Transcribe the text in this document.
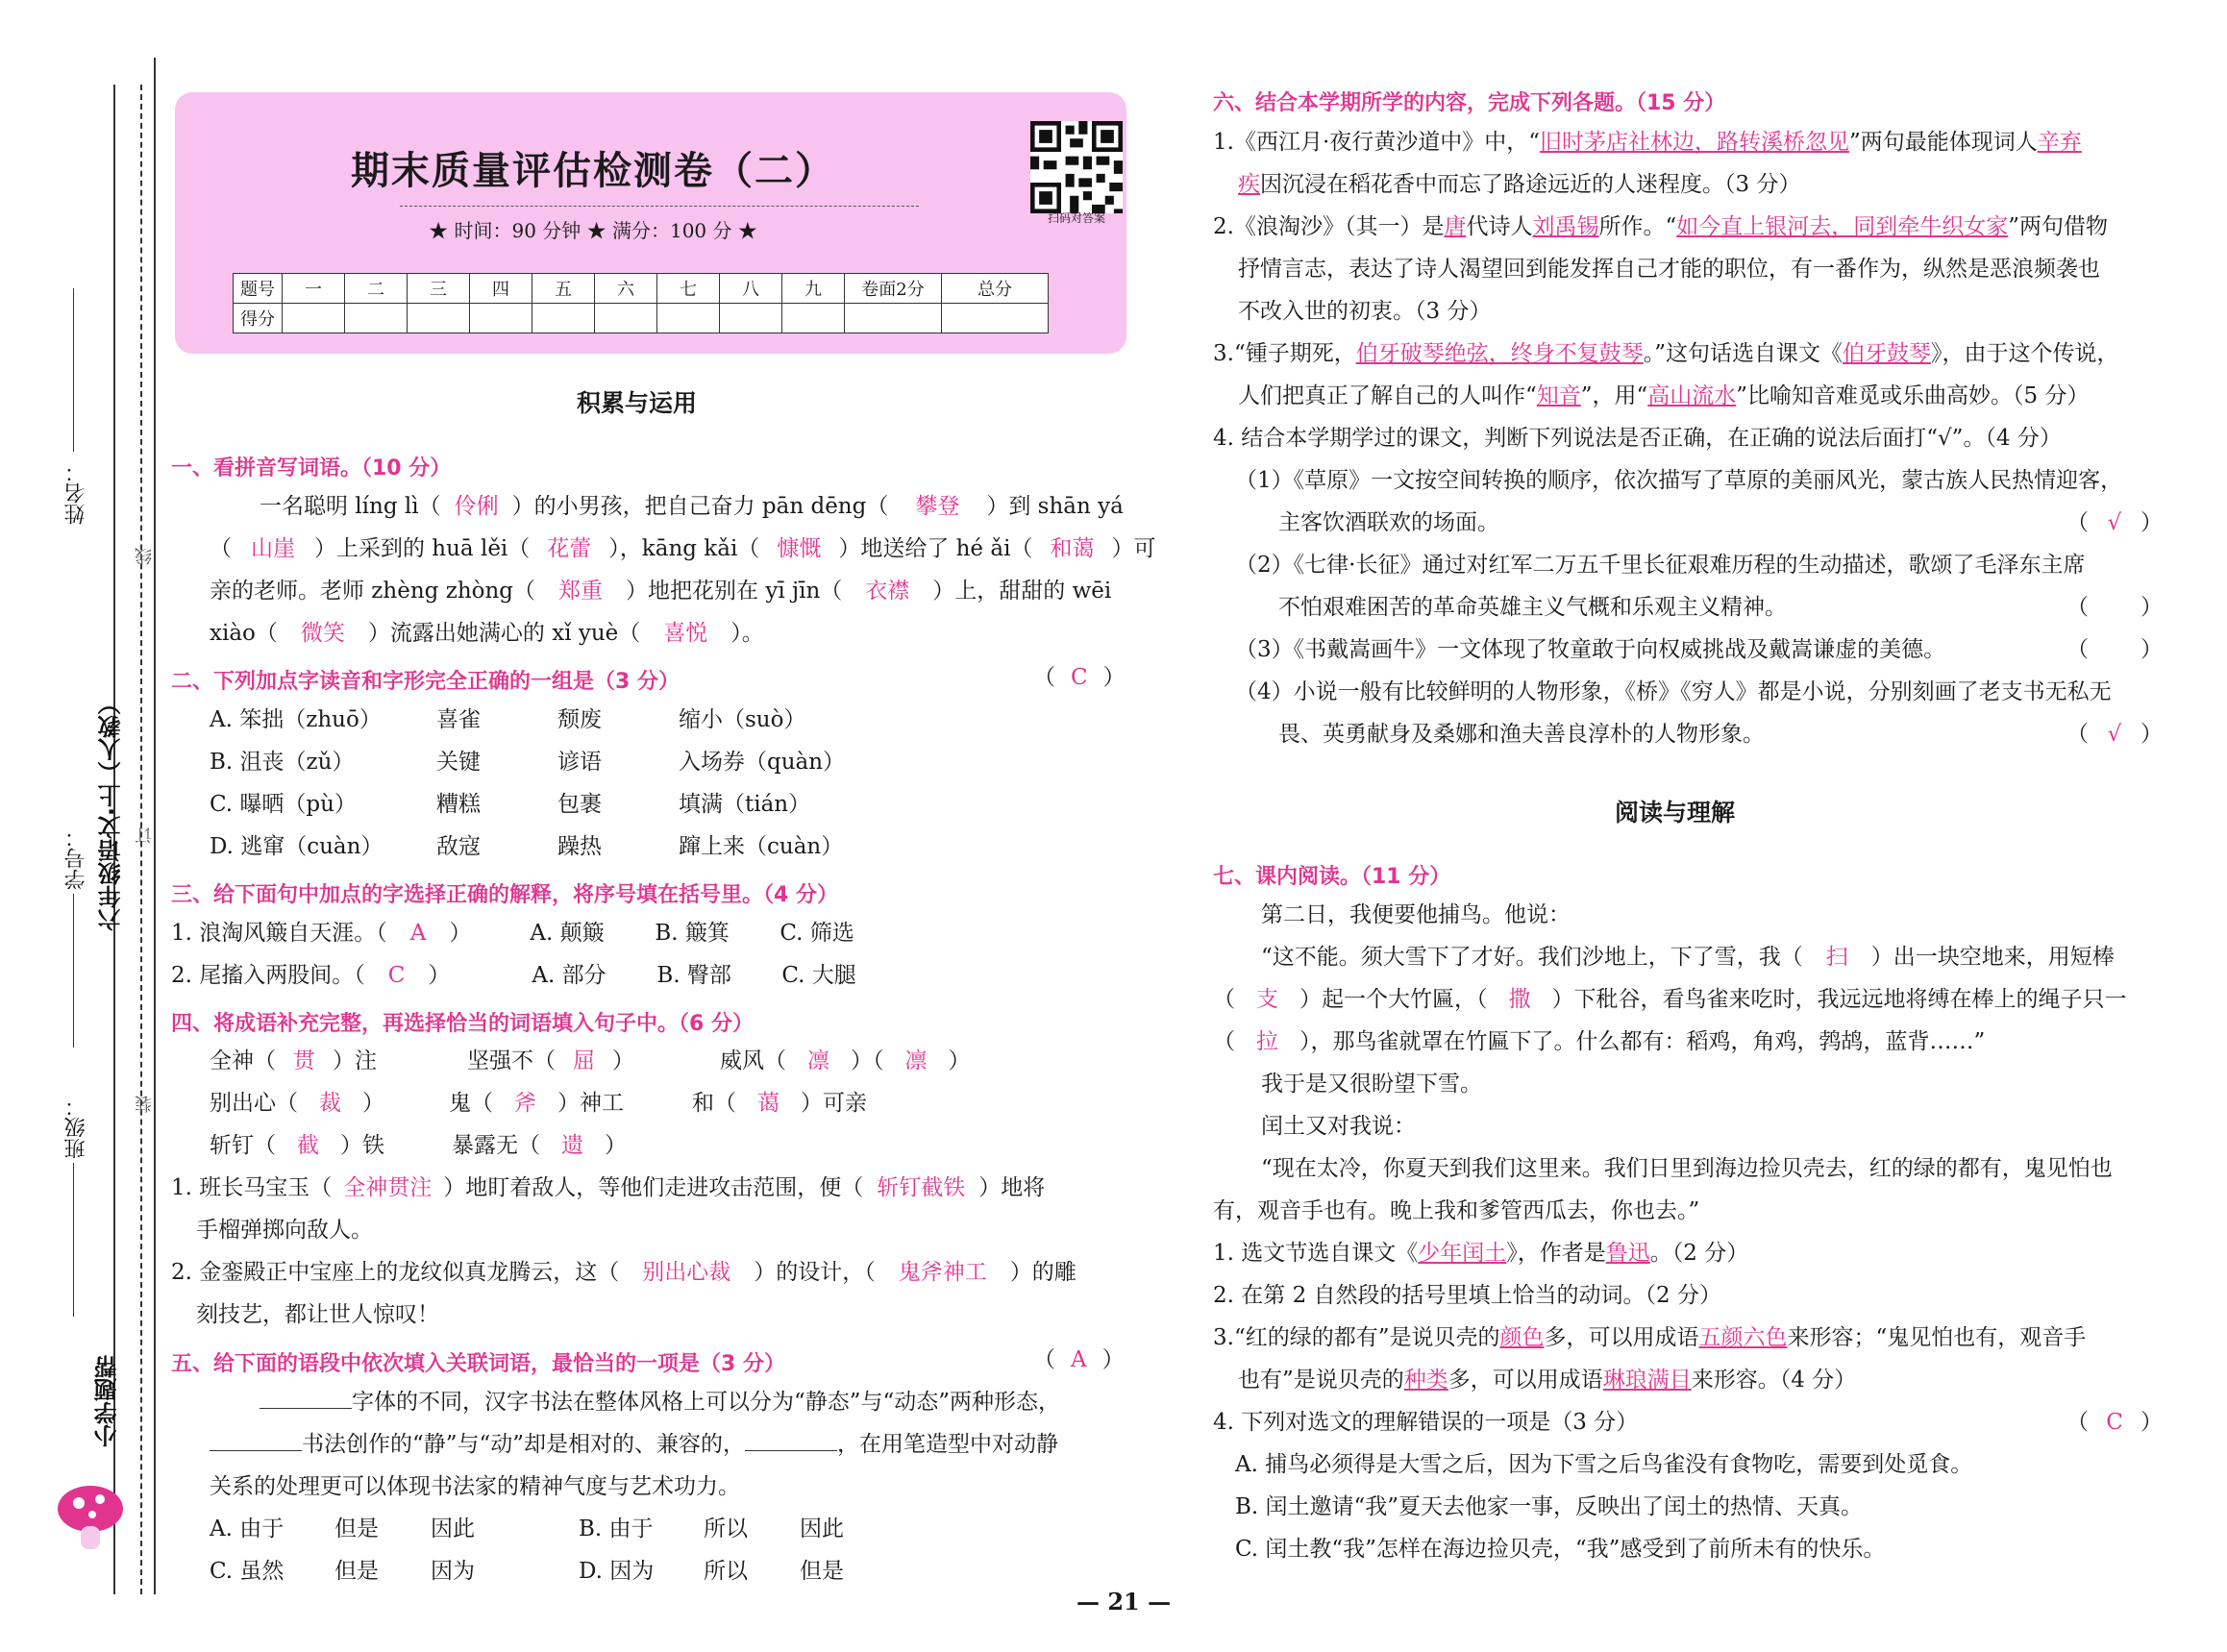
姓名：
六年级语文·上（人教）
学号：
班级：
小学题帮
线
订
装
期末质量评估检测卷（二）
★ 时间：90 分钟 ★ 满分：100 分 ★
扫码对答案
题号	一	二	三	四	五	六	七	八	九	卷面2分	总分
得分											
积累与运用
一、看拼音写词语。（10 分）
一名聪明 líng lì（ 伶俐 ）的小男孩，把自己奋力 pān dēng（ 攀登 ）到 shān yá
（ 山崖 ）上采到的 huā lěi（ 花蕾 ），kāng kǎi（ 慷慨 ）地送给了 hé ǎi（ 和蔼 ）可
亲的老师。老师 zhèng zhòng（ 郑重 ）地把花别在 yī jīn（ 衣襟 ）上，甜甜的 wēi
xiào（ 微笑 ）流露出她满心的 xǐ yuè（ 喜悦 ）。
二、下列加点字读音和字形完全正确的一组是（3 分）	（ C ）
A. 笨拙（zhuō） 喜雀	颓废	缩小（suò）
B. 沮丧（zǔ）	关键	谚语	入场券（quàn）
C. 曝晒（pù）	糟糕	包裹	填满（tián）
D. 逃窜（cuàn） 敌寇	躁热	蹿上来（cuàn）
三、给下面句中加点的字选择正确的解释，将序号填在括号里。（4 分）
1. 浪淘风簸自天涯。（ A ）	A. 颠簸 B. 簸箕 C. 筛选
2. 尾搐入两股间。（ C ）	A. 部分 B. 臀部 C. 大腿
四、将成语补充完整，再选择恰当的词语填入句子中。（6 分）
全神（ 贯 ）注	坚强不（ 屈 ）	威风（ 凛 ）（ 凛 ）
别出心（ 裁 ）	鬼（ 斧 ）神工	和（ 蔼 ）可亲
斩钉（ 截 ）铁	暴露无（ 遗 ）
1. 班长马宝玉（ 全神贯注 ）地盯着敌人，等他们走进攻击范围，便（ 斩钉截铁 ）地将
手榴弹掷向敌人。
2. 金銮殿正中宝座上的龙纹似真龙腾云，这（ 别出心裁 ）的设计，（ 鬼斧神工 ）的雕
刻技艺，都让世人惊叹！
五、给下面的语段中依次填入关联词语，最恰当的一项是（3 分）	（ A ）
字体的不同，汉字书法在整体风格上可以分为“静态”与“动态”两种形态，
书法创作的“静”与“动”却是相对的、兼容的，	，在用笔造型中对动静
关系的处理更可以体现书法家的精神气度与艺术功力。
A. 由于 但是 因此	B. 由于 所以 因此
C. 虽然 但是 因为	D. 因为 所以 但是
六、结合本学期所学的内容，完成下列各题。（15 分）
1.《西江月·夜行黄沙道中》中，“旧时茅店社林边，路转溪桥忽见”两句最能体现词人辛弃
疾因沉浸在稻花香中而忘了路途远近的人迷程度。（3 分）
2.《浪淘沙》（其一）是唐代诗人刘禹锡所作。“如今直上银河去，同到牵牛织女家”两句借物
抒情言志，表达了诗人渴望回到能发挥自己才能的职位，有一番作为，纵然是恶浪频袭也
不改入世的初衷。（3 分）
3.“锺子期死，伯牙破琴绝弦，终身不复鼓琴。”这句话选自课文《伯牙鼓琴》，由于这个传说，
人们把真正了解自己的人叫作“知音”，用“高山流水”比喻知音难觅或乐曲高妙。（5 分）
4. 结合本学期学过的课文，判断下列说法是否正确，在正确的说法后面打“√”。（4 分）
（1）《草原》一文按空间转换的顺序，依次描写了草原的美丽风光，蒙古族人民热情迎客，
主客饮酒联欢的场面。	（ √ ）
（2）《七律·长征》通过对红军二万五千里长征艰难历程的生动描述，歌颂了毛泽东主席
不怕艰难困苦的革命英雄主义气概和乐观主义精神。	（ ）
（3）《书戴嵩画牛》一文体现了牧童敢于向权威挑战及戴嵩谦虚的美德。	（ ）
（4）小说一般有比较鲜明的人物形象，《桥》《穷人》都是小说，分别刻画了老支书无私无
畏、英勇献身及桑娜和渔夫善良淳朴的人物形象。	（ √ ）
阅读与理解
七、课内阅读。（11 分）
第二日，我便要他捕鸟。他说：
“这不能。须大雪下了才好。我们沙地上，下了雪，我（ 扫 ）出一块空地来，用短棒
（ 支 ）起一个大竹匾，（ 撒 ）下秕谷，看鸟雀来吃时，我远远地将缚在棒上的绳子只一
（ 拉 ），那鸟雀就罩在竹匾下了。什么都有：稻鸡，角鸡，鹁鸪，蓝背……”
我于是又很盼望下雪。
闰土又对我说：
“现在太冷，你夏天到我们这里来。我们日里到海边捡贝壳去，红的绿的都有，鬼见怕也
有，观音手也有。晚上我和爹管西瓜去，你也去。”
1. 选文节选自课文《少年闰土》，作者是鲁迅。（2 分）
2. 在第 2 自然段的括号里填上恰当的动词。（2 分）
3.“红的绿的都有”是说贝壳的颜色多，可以用成语五颜六色来形容；“鬼见怕也有，观音手
也有”是说贝壳的种类多，可以用成语琳琅满目来形容。（4 分）
4. 下列对选文的理解错误的一项是（3 分）	（ C ）
A. 捕鸟必须得是大雪之后，因为下雪之后鸟雀没有食物吃，需要到处觅食。
B. 闰土邀请“我”夏天去他家一事，反映出了闰土的热情、天真。
C. 闰土教“我”怎样在海边捡贝壳，“我”感受到了前所未有的快乐。
— 21 —
